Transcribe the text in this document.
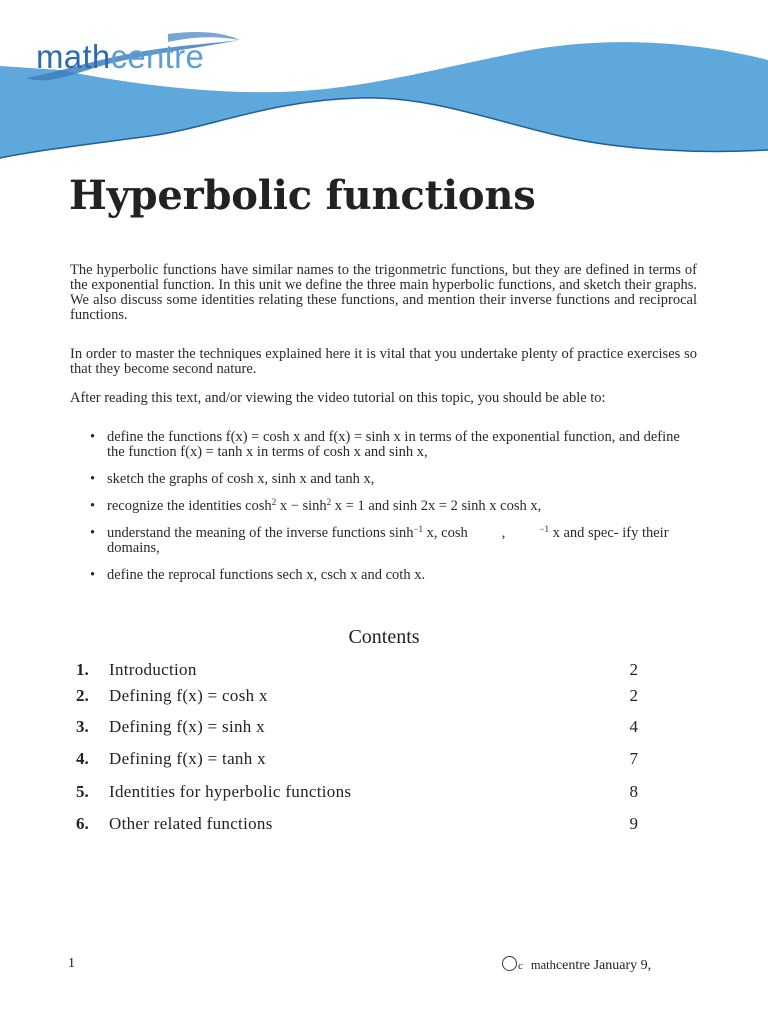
mathcentre
Hyperbolic functions

The hyperbolic functions have similar names to the trigonmetric functions, but they are defined in terms of the exponential function. In this unit we define the three main hyperbolic functions, and sketch their graphs. We also discuss some identities relating these functions, and mention their inverse functions and reciprocal functions.

In order to master the techniques explained here it is vital that you undertake plenty of practice exercises so that they become second nature.

After reading this text, and/or viewing the video tutorial on this topic, you should be able to:

• define the functions f(x) = cosh x and f(x) = sinh x in terms of the exponential function, and define the function f(x) = tanh x in terms of cosh x and sinh x,
• sketch the graphs of cosh x, sinh x and tanh x,
• recognize the identities $\cosh^2 x - \sinh^2 x = 1$ and sinh 2x = 2 sinh x cosh x,
• understand the meaning of the inverse functions $\sinh^{-1} x$, cosh ,	$^{-1}$ x and spec- ify their domains,
• define the reprocal functions sech x, csch x and coth x.
Contents
1. Introduction	2
2. Defining f(x) = cosh x	2
3. Defining f(x) = sinh x	4
4. Defining f(x) = tanh x	7
5. Identities for hyperbolic functions	8
6. Other related functions	9
1	c mathcentre January 9,
